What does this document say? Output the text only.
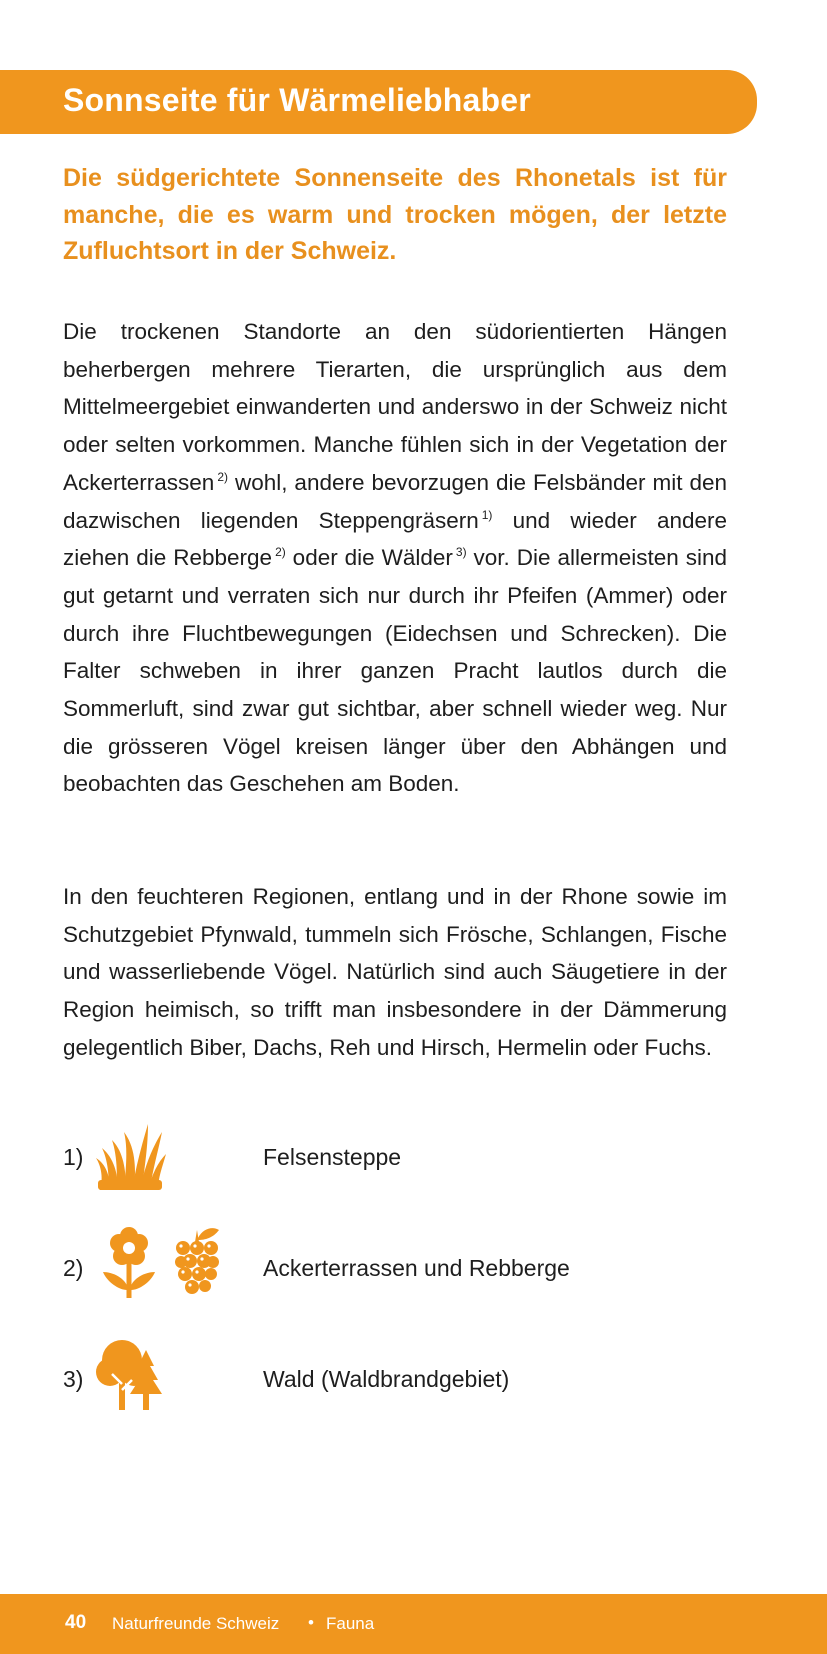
Sonnseite für Wärmeliebhaber

Die südgerichtete Sonnenseite des Rhonetals ist für manche, die es warm und trocken mögen, der letzte Zufluchtsort in der Schweiz.

Die trockenen Standorte an den südorientierten Hängen beherbergen mehrere Tierarten, die ursprünglich aus dem Mittelmeergebiet einwanderten und anderswo in der Schweiz nicht oder selten vorkommen. Manche fühlen sich in der Vegetation der Ackerterrassen $^{2)}$ wohl, andere bevorzugen die Felsbänder mit den dazwischen liegenden Steppengräsern $^{1)}$ und wieder andere ziehen die Rebberge $^{2)}$ oder die Wälder $^{3)}$ vor. Die allermeisten sind gut getarnt und verraten sich nur durch ihr Pfeifen (Ammer) oder durch ihre Fluchtbewegungen (Eidechsen und Schrecken). Die Falter schweben in ihrer ganzen Pracht lautlos durch die Sommerluft, sind zwar gut sichtbar, aber schnell wieder weg. Nur die grösseren Vögel kreisen länger über den Abhängen und beobachten das Geschehen am Boden.

In den feuchteren Regionen, entlang und in der Rhone sowie im Schutzgebiet Pfynwald, tummeln sich Frösche, Schlangen, Fische und wasserliebende Vögel. Natürlich sind auch Säugetiere in der Region heimisch, so trifft man insbesondere in der Dämmerung gelegentlich Biber, Dachs, Reh und Hirsch, Hermelin oder Fuchs.

1)	Felsensteppe
2)	Ackerterrassen und Rebberge
3)	Wald (Waldbrandgebiet)
40 Naturfreunde Schweiz • Fauna
